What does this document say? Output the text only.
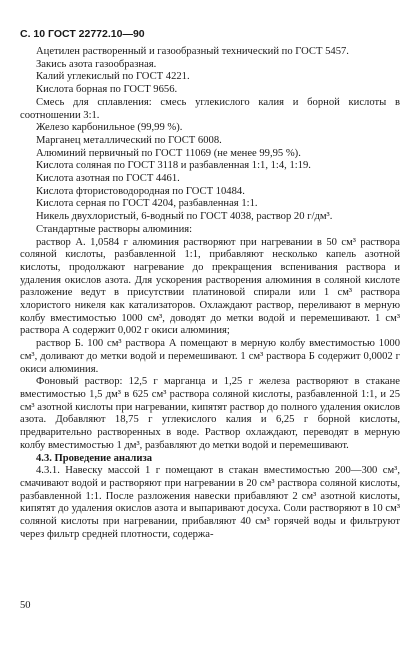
С. 10 ГОСТ 22772.10—90

Ацетилен растворенный и газообразный технический по ГОСТ 5457.

Закись азота газообразная.

Калий углекислый по ГОСТ 4221.

Кислота борная по ГОСТ 9656.

Смесь для сплавления: смесь углекислого калия и борной кислоты в соотношении 3:1.

Железо карбонильное (99,99 %).

Марганец металлический по ГОСТ 6008.

Алюминий первичный по ГОСТ 11069 (не менее 99,95 %).

Кислота соляная по ГОСТ 3118 и разбавленная 1:1, 1:4, 1:19.

Кислота азотная по ГОСТ 4461.

Кислота фтористоводородная по ГОСТ 10484.

Кислота серная по ГОСТ 4204, разбавленная 1:1.

Никель двухлористый, 6-водный по ГОСТ 4038, раствор 20 г/дм³.

Стандартные растворы алюминия:

раствор А. 1,0584 г алюминия растворяют при нагревании в 50 см³ раствора соляной кислоты, разбавленной 1:1, прибавляют несколько капель азотной кислоты, продолжают нагревание до прекращения вспенивания раствора и удаления окислов азота. Для ускорения растворения алюминия в соляной кислоте разложение ведут в присутствии платиновой спирали или 1 см³ раствора хлористого никеля как катализаторов. Охлаждают раствор, переливают в мерную колбу вместимостью 1000 см³, доводят до метки водой и перемешивают. 1 см³ раствора А содержит 0,002 г окиси алюминия;

раствор Б. 100 см³ раствора А помещают в мерную колбу вместимостью 1000 см³, доливают до метки водой и перемешивают. 1 см³ раствора Б содержит 0,0002 г окиси алюминия.

Фоновый раствор: 12,5 г марганца и 1,25 г железа растворяют в стакане вместимостью 1,5 дм³ в 625 см³ раствора соляной кислоты, разбавленной 1:1, и 25 см³ азотной кислоты при нагревании, кипятят раствор до полного удаления окислов азота. Добавляют 18,75 г углекислого калия и 6,25 г борной кислоты, предварительно растворенных в воде. Раствор охлаждают, переводят в мерную колбу вместимостью 1 дм³, разбавляют до метки водой и перемешивают.

4.3. Проведение анализа

4.3.1. Навеску массой 1 г помещают в стакан вместимостью 200—300 см³, смачивают водой и растворяют при нагревании в 20 см³ раствора соляной кислоты, разбавленной 1:1. После разложения навески прибавляют 2 см³ азотной кислоты, кипятят до удаления окислов азота и выпаривают досуха. Соли растворяют в 10 см³ соляной кислоты при нагревании, прибавляют 40 см³ горячей воды и фильтруют через фильтр средней плотности, содержа-

50
